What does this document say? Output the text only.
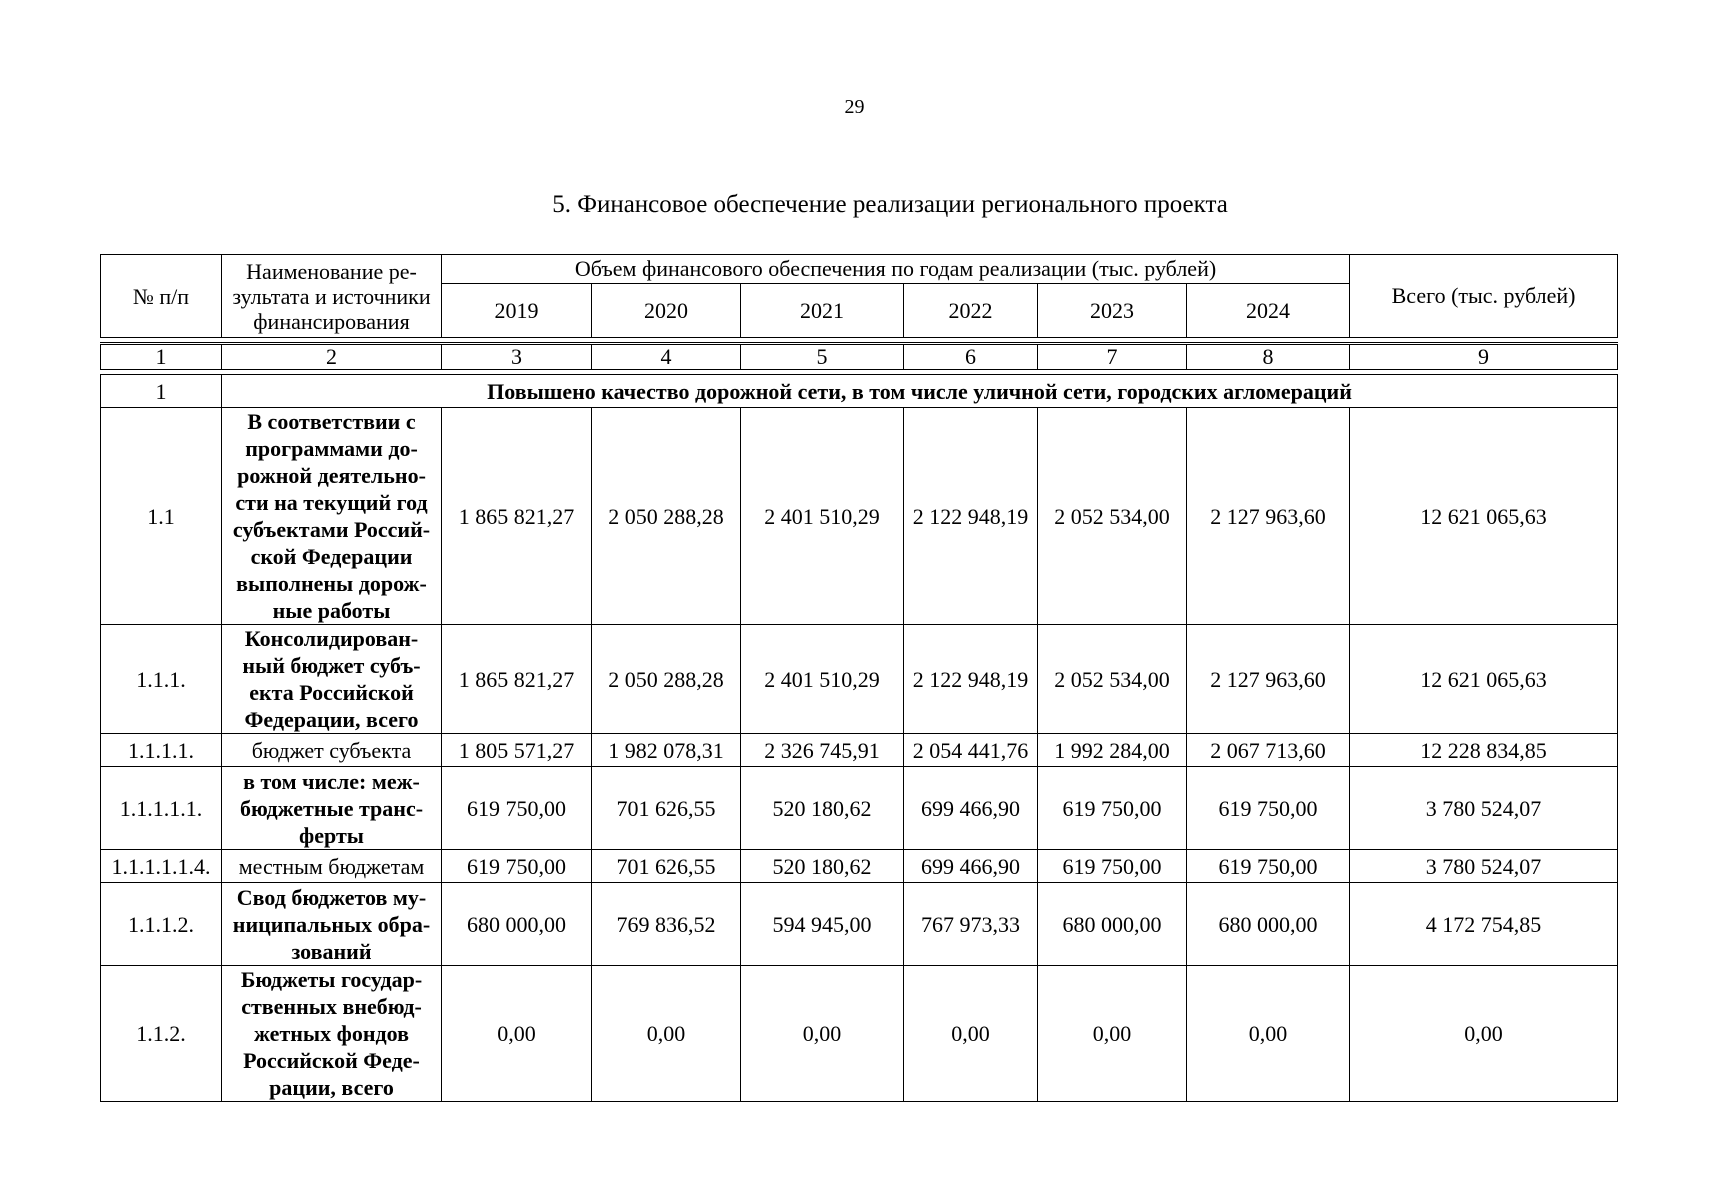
29
5. Финансовое обеспечение реализации регионального проекта
№ п/п	Наименование ре-зультата и источники финансирования	Объем финансового обеспечения по годам реализации (тыс. рублей)						Всего (тыс. рублей)
		2019	2020	2021	2022	2023	2024	

1	2	3	4	5	6	7	8	9

1	Повышено качество дорожной сети, в том числе уличной сети, городских агломераций							
1.1	В соответствии с программами до-рожной деятельно-сти на текущий год субъектами Россий-ской Федерации выполнены дорож-ные работы	1 865 821,27	2 050 288,28	2 401 510,29	2 122 948,19	2 052 534,00	2 127 963,60	12 621 065,63
1.1.1.	Консолидирован-ный бюджет субъ-екта Российской Федерации, всего	1 865 821,27	2 050 288,28	2 401 510,29	2 122 948,19	2 052 534,00	2 127 963,60	12 621 065,63
1.1.1.1.	бюджет субъекта	1 805 571,27	1 982 078,31	2 326 745,91	2 054 441,76	1 992 284,00	2 067 713,60	12 228 834,85
1.1.1.1.1.	в том числе: меж-бюджетные транс-ферты	619 750,00	701 626,55	520 180,62	699 466,90	619 750,00	619 750,00	3 780 524,07
1.1.1.1.1.4.	местным бюджетам	619 750,00	701 626,55	520 180,62	699 466,90	619 750,00	619 750,00	3 780 524,07
1.1.1.2.	Свод бюджетов му-ниципальных обра-зований	680 000,00	769 836,52	594 945,00	767 973,33	680 000,00	680 000,00	4 172 754,85
1.1.2.	Бюджеты государ-ственных внебюд-жетных фондов Российской Феде-рации, всего	0,00	0,00	0,00	0,00	0,00	0,00	0,00
